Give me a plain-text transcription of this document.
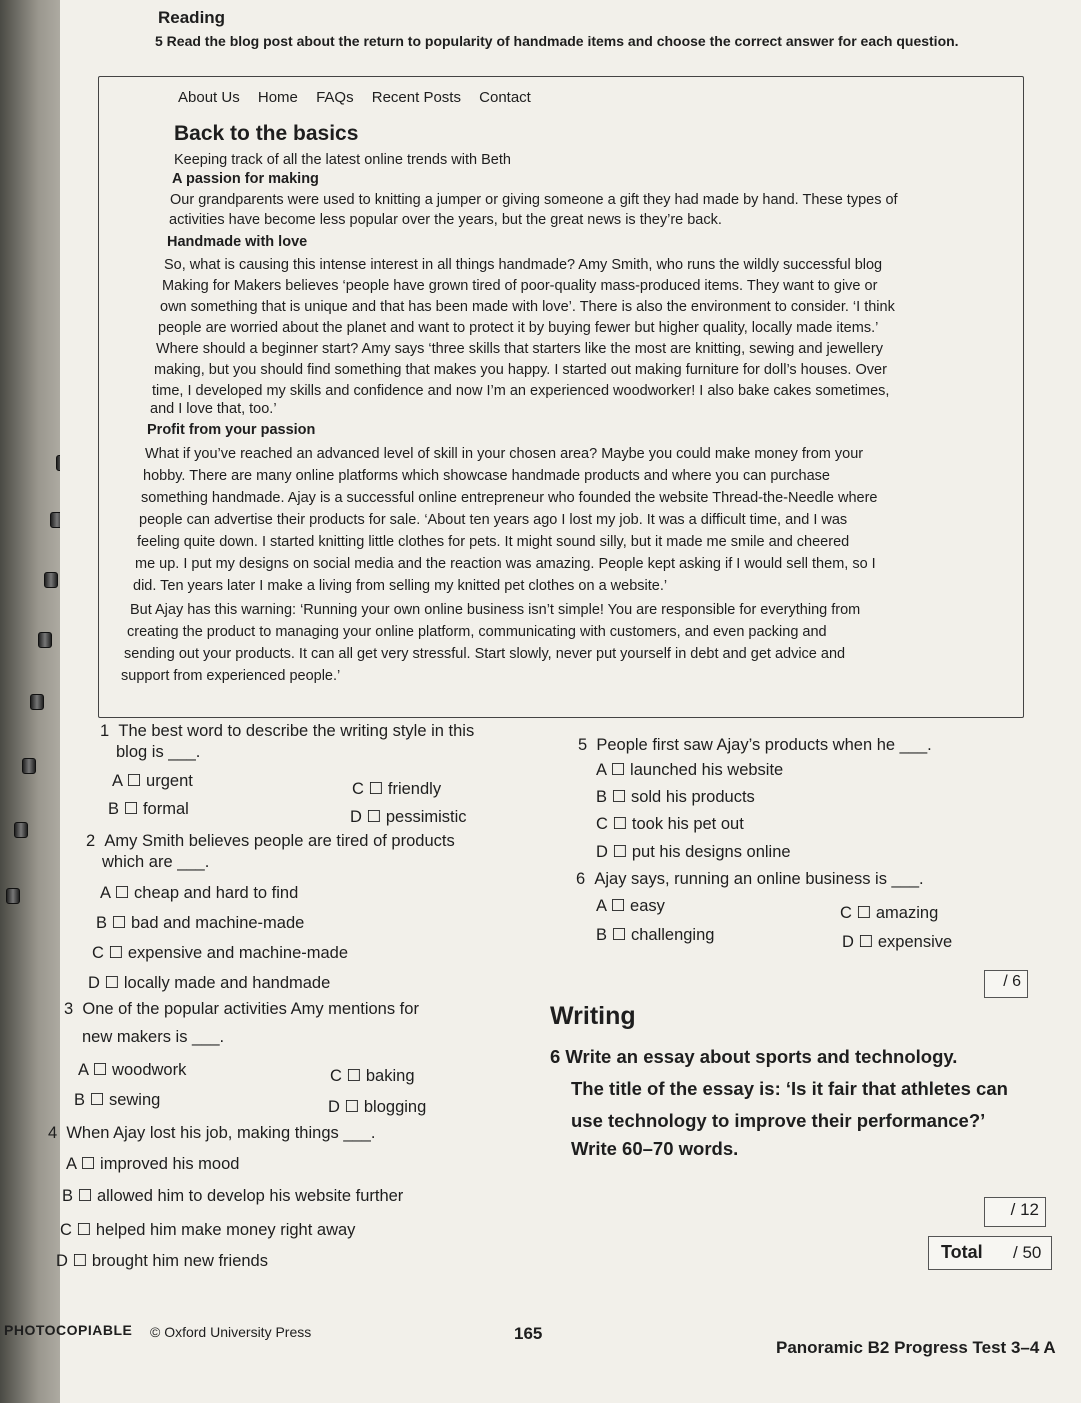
Reading
5 Read the blog post about the return to popularity of handmade items and choose the correct answer for each question.
About Us Home FAQs Recent Posts Contact
Back to the basics
Keeping track of all the latest online trends with Beth
A passion for making
Our grandparents were used to knitting a jumper or giving someone a gift they had made by hand. These types of
activities have become less popular over the years, but the great news is they’re back.
Handmade with love
So, what is causing this intense interest in all things handmade? Amy Smith, who runs the wildly successful blog
Making for Makers believes ‘people have grown tired of poor-quality mass-produced items. They want to give or
own something that is unique and that has been made with love’. There is also the environment to consider. ‘I think
people are worried about the planet and want to protect it by buying fewer but higher quality, locally made items.’
Where should a beginner start? Amy says ‘three skills that starters like the most are knitting, sewing and jewellery
making, but you should find something that makes you happy. I started out making furniture for doll’s houses. Over
time, I developed my skills and confidence and now I’m an experienced woodworker! I also bake cakes sometimes,
and I love that, too.’
Profit from your passion
What if you’ve reached an advanced level of skill in your chosen area? Maybe you could make money from your
hobby. There are many online platforms which showcase handmade products and where you can purchase
something handmade. Ajay is a successful online entrepreneur who founded the website Thread-the-Needle where
people can advertise their products for sale. ‘About ten years ago I lost my job. It was a difficult time, and I was
feeling quite down. I started knitting little clothes for pets. It might sound silly, but it made me smile and cheered
me up. I put my designs on social media and the reaction was amazing. People kept asking if I would sell them, so I
did. Ten years later I make a living from selling my knitted pet clothes on a website.’
But Ajay has this warning: ‘Running your own online business isn’t simple! You are responsible for everything from
creating the product to managing your online platform, communicating with customers, and even packing and
sending out your products. It can all get very stressful. Start slowly, never put yourself in debt and get advice and
support from experienced people.’
1 The best word to describe the writing style in this
blog is ___.
A ☐ urgent
B ☐ formal
C ☐ friendly
D ☐ pessimistic
2 Amy Smith believes people are tired of products
which are ___.
A ☐ cheap and hard to find
B ☐ bad and machine-made
C ☐ expensive and machine-made
D ☐ locally made and handmade
3 One of the popular activities Amy mentions for
new makers is ___.
A ☐ woodwork
B ☐ sewing
C ☐ baking
D ☐ blogging
4 When Ajay lost his job, making things ___.
A ☐ improved his mood
B ☐ allowed him to develop his website further
C ☐ helped him make money right away
D ☐ brought him new friends
5 People first saw Ajay’s products when he ___.
A ☐ launched his website
B ☐ sold his products
C ☐ took his pet out
D ☐ put his designs online
6 Ajay says, running an online business is ___.
A ☐ easy
B ☐ challenging
C ☐ amazing
D ☐ expensive
/ 6
Writing
6 Write an essay about sports and technology.
The title of the essay is: ‘Is it fair that athletes can
use technology to improve their performance?’
Write 60–70 words.
/ 12
Total / 50
PHOTOCOPIABLE © Oxford University Press	165
Panoramic B2 Progress Test 3–4 A
